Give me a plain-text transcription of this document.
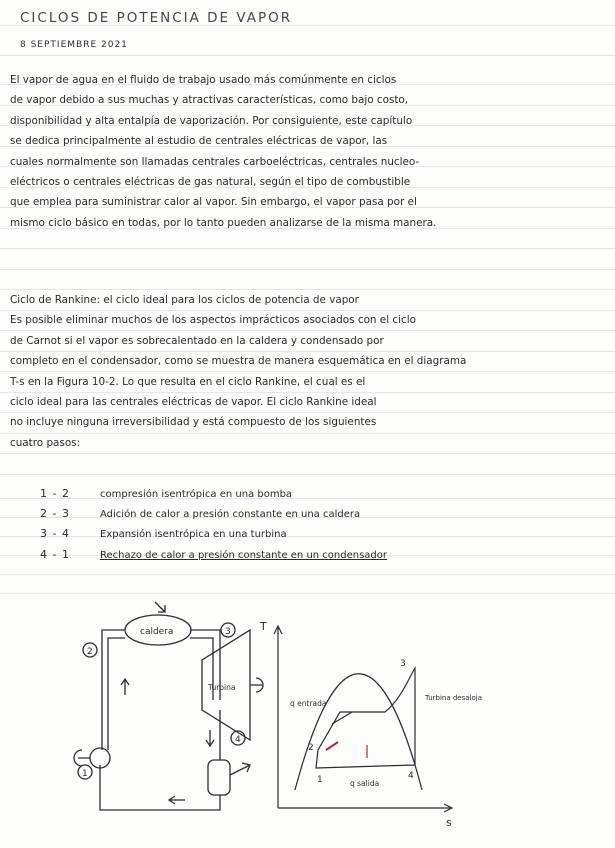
CICLOS DE POTENCIA DE VAPOR
8 SEPTIEMBRE 2021
El vapor de agua en el fluido de trabajo usado más comúnmente en ciclos
de vapor debido a sus muchas y atractivas características, como bajo costo,
disponibilidad y alta entalpía de vaporización. Por consiguiente, este capítulo
se dedica principalmente al estudio de centrales eléctricas de vapor, las
cuales normalmente son llamadas centrales carboeléctricas, centrales nucleo-
eléctricos o centrales eléctricas de gas natural, según el tipo de combustible
que emplea para suministrar calor al vapor. Sin embargo, el vapor pasa por el
mismo ciclo básico en todas, por lo tanto pueden analizarse de la misma manera.
Ciclo de Rankine: el ciclo ideal para los ciclos de potencia de vapor
Es posible eliminar muchos de los aspectos imprácticos asociados con el ciclo
de Carnot si el vapor es sobrecalentado en la caldera y condensado por
completo en el condensador, como se muestra de manera esquemática en el diagrama
T-s en la Figura 10-2. Lo que resulta en el ciclo Rankine, el cual es el
ciclo ideal para las centrales eléctricas de vapor. El ciclo Rankine ideal
no incluye ninguna irreversibilidad y está compuesto de los siguientes
cuatro pasos:
1 - 2	compresión isentrópica en una bomba
2 - 3	Adición de calor a presión constante en una caldera
3 - 4	Expansión isentrópica en una turbina
4 - 1	Rechazo de calor a presión constante en un condensador
caldera
Turbina
2
3
1
4
T
s
q entrada
q salida
Turbina desaloja
1
2
3
4
